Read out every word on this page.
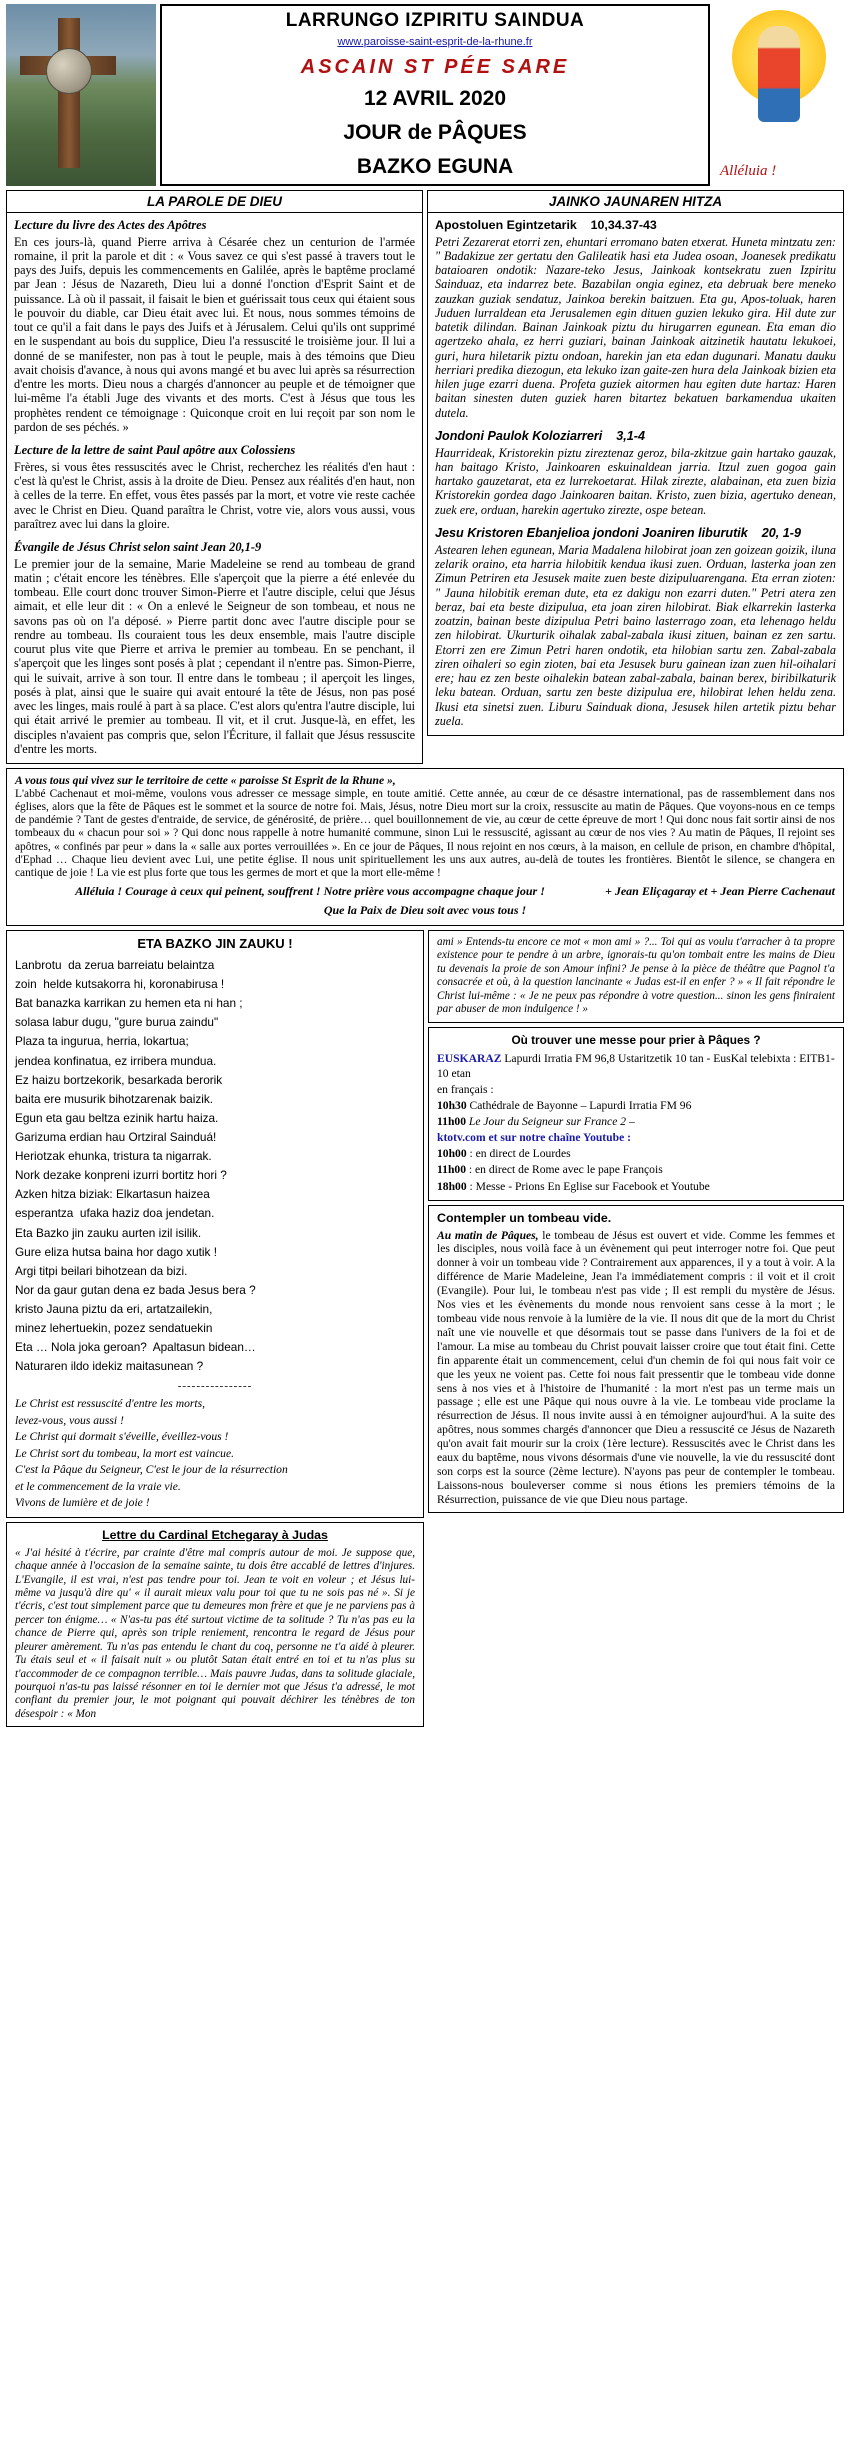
LARRUNGO IZPIRITU SAINDUA
www.paroisse-saint-esprit-de-la-rhune.fr
ASCAIN ST PÉE SARE
12 AVRIL 2020
JOUR de PÂQUES
BAZKO EGUNA	Alléluia !
LA PAROLE DE DIEU
Lecture du livre des Actes des Apôtres

En ces jours-là, quand Pierre arriva à Césarée chez un centurion de l'armée romaine, il prit la parole et dit : « Vous savez ce qui s'est passé à travers tout le pays des Juifs, depuis les commencements en Galilée, après le baptême proclamé par Jean : Jésus de Nazareth, Dieu lui a donné l'onction d'Esprit Saint et de puissance. Là où il passait, il faisait le bien et guérissait tous ceux qui étaient sous le pouvoir du diable, car Dieu était avec lui. Et nous, nous sommes témoins de tout ce qu'il a fait dans le pays des Juifs et à Jérusalem. Celui qu'ils ont supprimé en le suspendant au bois du supplice, Dieu l'a ressuscité le troisième jour. Il lui a donné de se manifester, non pas à tout le peuple, mais à des témoins que Dieu avait choisis d'avance, à nous qui avons mangé et bu avec lui après sa résurrection d'entre les morts. Dieu nous a chargés d'annoncer au peuple et de témoigner que lui-même l'a établi Juge des vivants et des morts. C'est à Jésus que tous les prophètes rendent ce témoignage : Quiconque croit en lui reçoit par son nom le pardon de ses péchés. »

Lecture de la lettre de saint Paul apôtre aux Colossiens

Frères, si vous êtes ressuscités avec le Christ, recherchez les réalités d'en haut : c'est là qu'est le Christ, assis à la droite de Dieu. Pensez aux réalités d'en haut, non à celles de la terre. En effet, vous êtes passés par la mort, et votre vie reste cachée avec le Christ en Dieu. Quand paraîtra le Christ, votre vie, alors vous aussi, vous paraîtrez avec lui dans la gloire.

Évangile de Jésus Christ selon saint Jean 20,1-9

Le premier jour de la semaine, Marie Madeleine se rend au tombeau de grand matin ; c'était encore les ténèbres. Elle s'aperçoit que la pierre a été enlevée du tombeau. Elle court donc trouver Simon-Pierre et l'autre disciple, celui que Jésus aimait, et elle leur dit : « On a enlevé le Seigneur de son tombeau, et nous ne savons pas où on l'a déposé. » Pierre partit donc avec l'autre disciple pour se rendre au tombeau. Ils couraient tous les deux ensemble, mais l'autre disciple courut plus vite que Pierre et arriva le premier au tombeau. En se penchant, il s'aperçoit que les linges sont posés à plat ; cependant il n'entre pas. Simon-Pierre, qui le suivait, arrive à son tour. Il entre dans le tombeau ; il aperçoit les linges, posés à plat, ainsi que le suaire qui avait entouré la tête de Jésus, non pas posé avec les linges, mais roulé à part à sa place. C'est alors qu'entra l'autre disciple, lui qui était arrivé le premier au tombeau. Il vit, et il crut. Jusque-là, en effet, les disciples n'avaient pas compris que, selon l'Écriture, il fallait que Jésus ressuscite d'entre les morts.

JAINKO JAUNAREN HITZA
Apostoluen Egintzetarik 10,34.37-43

Petri Zezarerat etorri zen, ehuntari erromano baten etxerat. Huneta mintzatu zen: " Badakizue zer gertatu den Galileatik hasi eta Judea osoan, Joanesek predikatu bataioaren ondotik: Nazare-teko Jesus, Jainkoak kontsekratu zuen Izpiritu Sainduaz, eta indarrez bete. Bazabilan ongia eginez, eta debruak bere meneko zauzkan guziak sendatuz, Jainkoa berekin baitzuen. Eta gu, Apos-toluak, haren Juduen lurraldean eta Jerusalemen egin dituen guzien lekuko gira. Hil dute zur batetik dilindan. Bainan Jainkoak piztu du hirugarren egunean. Eta eman dio agertzeko ahala, ez herri guziari, bainan Jainkoak aitzinetik hautatu lekukoei, guri, hura hiletarik piztu ondoan, harekin jan eta edan dugunari. Manatu dauku herriari predika diezogun, eta lekuko izan gaite-zen hura dela Jainkoak bizien eta hilen juge ezarri duena. Profeta guziek aitormen hau egiten dute hartaz: Haren baitan sinesten duten guziek haren bitartez bekatuen barkamendua ukaiten dutela.

Jondoni Paulok Koloziarreri 3,1-4

Haurrideak, Kristorekin piztu zireztenaz geroz, bila-zkitzue gain hartako gauzak, han baitago Kristo, Jainkoaren eskuinaldean jarria. Itzul zuen gogoa gain hartako gauzetarat, eta ez lurrekoetarat. Hilak zirezte, alabainan, eta zuen bizia Kristorekin gordea dago Jainkoaren baitan. Kristo, zuen bizia, agertuko denean, zuek ere, orduan, harekin agertuko zirezte, ospe betean.

Jesu Kristoren Ebanjelioa jondoni Joaniren liburutik 20, 1-9

Astearen lehen egunean, Maria Madalena hilobirat joan zen goizean goizik, iluna zelarik oraino, eta harria hilobitik kendua ikusi zuen. Orduan, lasterka joan zen Zimun Petriren eta Jesusek maite zuen beste dizipuluarengana. Eta erran zioten: " Jauna hilobitik ereman dute, eta ez dakigu non ezarri duten." Petri atera zen beraz, bai eta beste dizipulua, eta joan ziren hilobirat. Biak elkarrekin lasterka zoatzin, bainan beste dizipulua Petri baino lasterrago zoan, eta lehenago heldu zen hilobirat. Ukurturik oihalak zabal-zabala ikusi zituen, bainan ez zen sartu. Etorri zen ere Zimun Petri haren ondotik, eta hilobian sartu zen. Zabal-zabala ziren oihaleri so egin zioten, bai eta Jesusek buru gainean izan zuen hil-oihalari ere; hau ez zen beste oihalekin batean zabal-zabala, bainan berex, biribilkaturik leku batean. Orduan, sartu zen beste dizipulua ere, hilobirat lehen heldu zena. Ikusi eta sinetsi zuen. Liburu Sainduak diona, Jesusek hilen artetik piztu behar zuela.

A vous tous qui vivez sur le territoire de cette « paroisse St Esprit de la Rhune »,
L'abbé Cachenaut et moi-même, voulons vous adresser ce message simple, en toute amitié. Cette année, au cœur de ce désastre international, pas de rassemblement dans nos églises, alors que la fête de Pâques est le sommet et la source de notre foi. Mais, Jésus, notre Dieu mort sur la croix, ressuscite au matin de Pâques. Que voyons-nous en ce temps de pandémie ? Tant de gestes d'entraide, de service, de générosité, de prière… quel bouillonnement de vie, au cœur de cette épreuve de mort ! Qui donc nous fait sortir ainsi de nos tombeaux du « chacun pour soi » ? Qui donc nous rappelle à notre humanité commune, sinon Lui le ressuscité, agissant au cœur de nos vies ? Au matin de Pâques, Il rejoint ses apôtres, « confinés par peur » dans la « salle aux portes verrouillées ». En ce jour de Pâques, Il nous rejoint en nos cœurs, à la maison, en cellule de prison, en chambre d'hôpital, d'Ephad … Chaque lieu devient avec Lui, une petite église. Il nous unit spirituellement les uns aux autres, au-delà de toutes les frontières. Bientôt le silence, se changera en cantique de joie ! La vie est plus forte que tous les germes de mort et que la mort elle-même !
+ Jean Eliçagaray et + Jean Pierre Cachenaut
Alléluia ! Courage à ceux qui peinent, souffrent ! Notre prière vous accompagne chaque jour !
Que la Paix de Dieu soit avec vous tous !
ETA BAZKO JIN ZAUKU !
Lanbrotu  da zerua barreiatu belaintza
zoin  helde kutsakorra hi, koronabirusa !
Bat banazka karrikan zu hemen eta ni han ;
solasa labur dugu, "gure burua zaindu"
Plaza ta ingurua, herria, lokartua;
jendea konfinatua, ez irribera mundua.
Ez haizu bortzekorik, besarkada berorik
baita ere musurik bihotzarenak baizik.
Egun eta gau beltza ezinik hartu haiza.
Garizuma erdian hau Ortziral Sainduá!
Heriotzak ehunka, tristura ta nigarrak.
Nork dezake konpreni izurri bortitz hori ?
Azken hitza biziak: Elkartasun haizea
esperantza  ufaka haziz doa jendetan.
Eta Bazko jin zauku aurten izil isilik.
Gure eliza hutsa baina hor dago xutik !
Argi titpi beilari bihotzean da bizi.
Nor da gaur gutan dena ez bada Jesus bera ?
kristo Jauna piztu da eri, artatzailekin,
minez lehertuekin, pozez sendatuekin
Eta … Nola joka geroan?  Apaltasun bidean…
Naturaren ildo idekiz maitasunean ?
----------------
Le Christ est ressuscité d'entre les morts,
levez-vous, vous aussi !
Le Christ qui dormait s'éveille, éveillez-vous !
Le Christ sort du tombeau, la mort est vaincue.
C'est la Pâque du Seigneur, C'est le jour de la résurrection
et le commencement de la vraie vie.
Vivons de lumière et de joie !
Lettre du Cardinal Etchegaray à Judas
« J'ai hésité à t'écrire, par crainte d'être mal compris autour de moi. Je suppose que, chaque année à l'occasion de la semaine sainte, tu dois être accablé de lettres d'injures. L'Evangile, il est vrai, n'est pas tendre pour toi. Jean te voit en voleur ; et Jésus lui-même va jusqu'à dire qu' « il aurait mieux valu pour toi que tu ne sois pas né ». Si je t'écris, c'est tout simplement parce que tu demeures mon frère et que je ne parviens pas à percer ton énigme… « N'as-tu pas été surtout victime de ta solitude ? Tu n'as pas eu la chance de Pierre qui, après son triple reniement, rencontra le regard de Jésus pour pleurer amèrement. Tu n'as pas entendu le chant du coq, personne ne t'a aidé à pleurer. Tu étais seul et « il faisait nuit » ou plutôt Satan était entré en toi et tu n'as plus su t'accommoder de ce compagnon terrible… Mais pauvre Judas, dans ta solitude glaciale, pourquoi n'as-tu pas laissé résonner en toi le dernier mot que Jésus t'a adressé, le mot confiant du premier jour, le mot poignant qui pouvait déchirer les ténèbres de ton désespoir : « Mon
ami » Entends-tu encore ce mot « mon ami » ?... Toi qui as voulu t'arracher à ta propre existence pour te pendre à un arbre, ignorais-tu qu'on tombait entre les mains de Dieu tu devenais la proie de son Amour infini? Je pense à la pièce de théâtre que Pagnol t'a consacrée et où, à la question lancinante « Judas est-il en enfer ? » « Il fait répondre le Christ lui-même : « Je ne peux pas répondre à votre question... sinon les gens finiraient par abuser de mon indulgence ! »
Où trouver une messe pour prier à Pâques ?
EUSKARAZ Lapurdi Irratia FM 96,8 Ustaritzetik 10 tan - EusKal telebixta : EITB1- 10 etan
en français :
10h30 Cathédrale de Bayonne – Lapurdi Irratia FM 96
11h00 Le Jour du Seigneur sur France 2 –
ktotv.com et sur notre chaîne Youtube :
10h00 : en direct de Lourdes
11h00 : en direct de Rome avec le pape François
18h00 : Messe - Prions En Eglise sur Facebook et Youtube
Contempler un tombeau vide.
Au matin de Pâques, le tombeau de Jésus est ouvert et vide. Comme les femmes et les disciples, nous voilà face à un évènement qui peut interroger notre foi. Que peut donner à voir un tombeau vide ? Contrairement aux apparences, il y a tout à voir. A la différence de Marie Madeleine, Jean l'a immédiatement compris : il voit et il croit (Evangile). Pour lui, le tombeau n'est pas vide ; Il est rempli du mystère de Jésus. Nos vies et les évènements du monde nous renvoient sans cesse à la mort ; le tombeau vide nous renvoie à la lumière de la vie. Il nous dit que de la mort du Christ naît une vie nouvelle et que désormais tout se passe dans l'univers de la foi et de l'amour. La mise au tombeau du Christ pouvait laisser croire que tout était fini. Cette fin apparente était un commencement, celui d'un chemin de foi qui nous fait voir ce que les yeux ne voient pas. Cette foi nous fait pressentir que le tombeau vide donne sens à nos vies et à l'histoire de l'humanité : la mort n'est pas un terme mais un passage ; elle est une Pâque qui nous ouvre à la vie. Le tombeau vide proclame la résurrection de Jésus. Il nous invite aussi à en témoigner aujourd'hui. A la suite des apôtres, nous sommes chargés d'annoncer que Dieu a ressuscité ce Jésus de Nazareth qu'on avait fait mourir sur la croix (1ère lecture). Ressuscités avec le Christ dans les eaux du baptême, nous vivons désormais d'une vie nouvelle, la vie du ressuscité dont son corps est la source (2ème lecture). N'ayons pas peur de contempler le tombeau. Laissons-nous bouleverser comme si nous étions les premiers témoins de la Résurrection, puissance de vie que Dieu nous partage.
